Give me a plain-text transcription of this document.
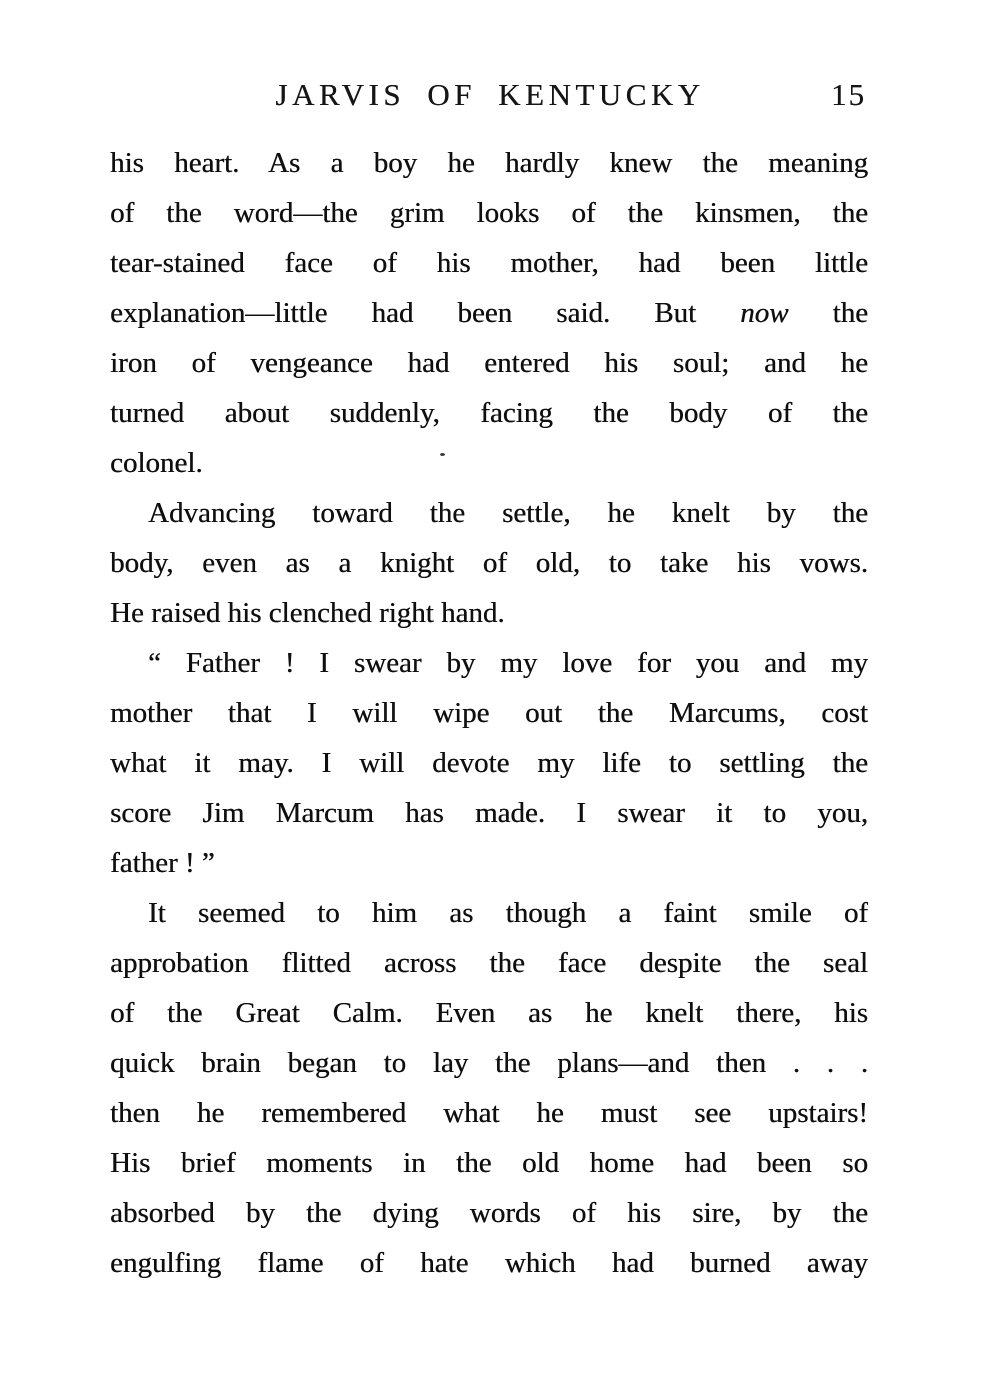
JARVIS OF KENTUCKY	15
his heart. As a boy he hardly knew the meaning
of the word—the grim looks of the kinsmen, the
tear-stained face of his mother, had been little
explanation—little had been said. But now the
iron of vengeance had entered his soul; and he
turned about suddenly, facing the body of the
colonel.
Advancing toward the settle, he knelt by the
body, even as a knight of old, to take his vows.
He raised his clenched right hand.
“ Father ! I swear by my love for you and my
mother that I will wipe out the Marcums, cost
what it may. I will devote my life to settling the
score Jim Marcum has made. I swear it to you,
father ! ”
It seemed to him as though a faint smile of
approbation flitted across the face despite the seal
of the Great Calm. Even as he knelt there, his
quick brain began to lay the plans—and then . . .
then he remembered what he must see upstairs!
His brief moments in the old home had been so
absorbed by the dying words of his sire, by the
engulfing flame of hate which had burned away
